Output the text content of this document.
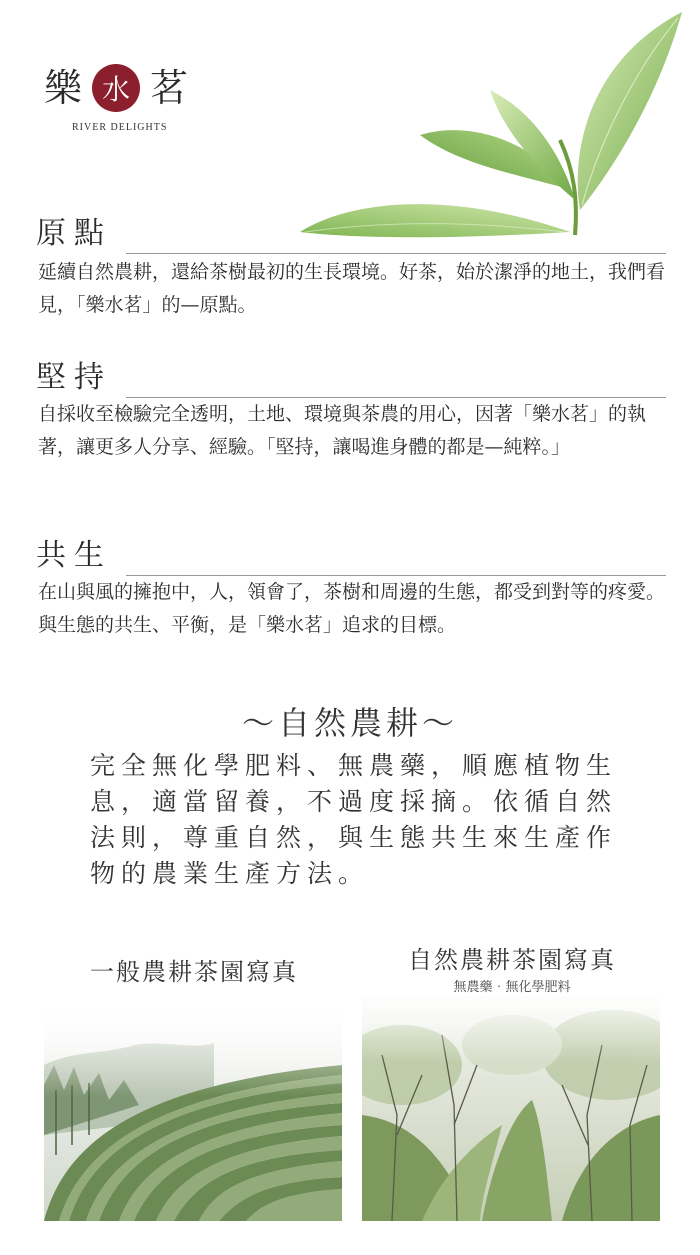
樂 水 茗
RIVER DELIGHTS
原點
延續自然農耕，還給茶樹最初的生長環境。好茶，始於潔淨的地土，我們看見，「樂水茗」的—原點。
堅持
自採收至檢驗完全透明，土地、環境與茶農的用心，因著「樂水茗」的執著，讓更多人分享、經驗。「堅持，讓喝進身體的都是—純粹。」
共生
在山與風的擁抱中，人，領會了，茶樹和周邊的生態，都受到對等的疼愛。與生態的共生、平衡，是「樂水茗」追求的目標。
～自然農耕～
完全無化學肥料、無農藥，順應植物生息，適當留養，不過度採摘。依循自然法則，尊重自然，與生態共生來生產作物的農業生產方法。
一般農耕茶園寫真	自然農耕茶園寫真
無農藥‧無化學肥料
